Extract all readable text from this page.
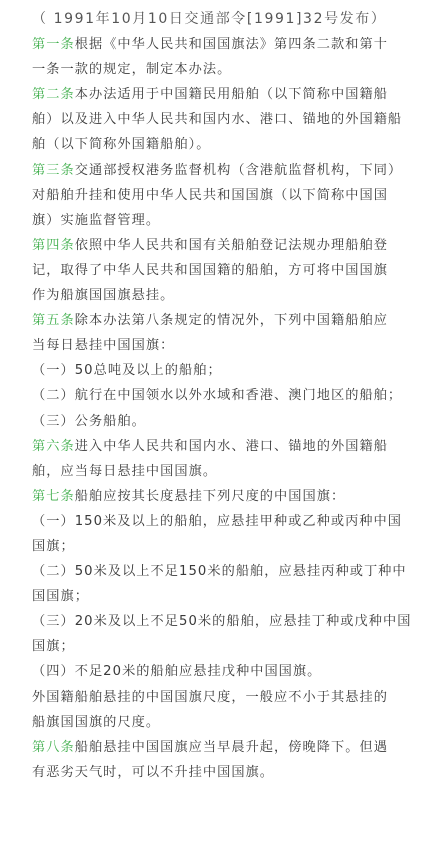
（ 1991年10月10日交通部令[1991]32号发布）
第一条根据《中华人民共和国国旗法》第四条二款和第十
一条一款的规定，制定本办法。
第二条本办法适用于中国籍民用船舶（以下简称中国籍船
舶）以及进入中华人民共和国内水、港口、锚地的外国籍船
舶（以下简称外国籍船舶）。
第三条交通部授权港务监督机构（含港航监督机构，下同）
对船舶升挂和使用中华人民共和国国旗（以下简称中国国
旗）实施监督管理。
第四条依照中华人民共和国有关船舶登记法规办理船舶登
记，取得了中华人民共和国国籍的船舶，方可将中国国旗
作为船旗国国旗悬挂。
第五条除本办法第八条规定的情况外，下列中国籍船舶应
当每日悬挂中国国旗：
（一）50总吨及以上的船舶；
（二）航行在中国领水以外水域和香港、澳门地区的船舶；
（三）公务船舶。
第六条进入中华人民共和国内水、港口、锚地的外国籍船
舶，应当每日悬挂中国国旗。
第七条船舶应按其长度悬挂下列尺度的中国国旗：
（一）150米及以上的船舶，应悬挂甲种或乙种或丙种中国
国旗；
（二）50米及以上不足150米的船舶，应悬挂丙种或丁种中
国国旗；
（三）20米及以上不足50米的船舶，应悬挂丁种或戊种中国
国旗；
（四）不足20米的船舶应悬挂戊种中国国旗。
外国籍船舶悬挂的中国国旗尺度，一般应不小于其悬挂的
船旗国国旗的尺度。
第八条船舶悬挂中国国旗应当早晨升起，傍晚降下。但遇
有恶劣天气时，可以不升挂中国国旗。
